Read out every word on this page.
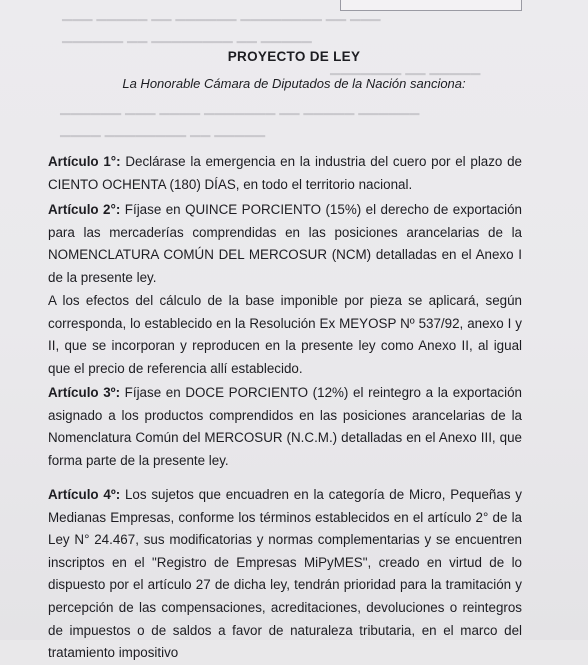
▁▁▁ ▁▁▁▁▁ ▁▁ ▁▁▁▁▁▁ ▁▁▁▁▁▁▁▁ ▁▁ ▁▁▁
▁▁▁▁▁▁ ▁▁ ▁▁▁▁▁▁▁▁ ▁▁ ▁▁▁▁▁
▁▁▁▁▁▁▁ ▁▁ ▁▁▁▁▁
▁▁▁▁▁▁ ▁▁▁ ▁▁▁▁ ▁▁▁▁▁▁▁ ▁▁ ▁▁▁▁▁ ▁▁▁▁▁▁
▁▁▁▁ ▁▁▁▁▁▁▁▁ ▁▁ ▁▁▁▁▁
PROYECTO DE LEY
La Honorable Cámara de Diputados de la Nación sanciona:
Artículo 1°: Declárase la emergencia en la industria del cuero por el plazo de CIENTO OCHENTA (180) DÍAS, en todo el territorio nacional.
Artículo 2°: Fíjase en QUINCE PORCIENTO (15%) el derecho de exportación para las mercaderías comprendidas en las posiciones arancelarias de la NOMENCLATURA COMÚN DEL MERCOSUR (NCM) detalladas en el Anexo I de la presente ley.
A los efectos del cálculo de la base imponible por pieza se aplicará, según corresponda, lo establecido en la Resolución Ex MEYOSP Nº 537/92, anexo I y II, que se incorporan y reproducen en la presente ley como Anexo II, al igual que el precio de referencia allí establecido.
Artículo 3º: Fíjase en DOCE PORCIENTO (12%) el reintegro a la exportación asignado a los productos comprendidos en las posiciones arancelarias de la Nomenclatura Común del MERCOSUR (N.C.M.) detalladas en el Anexo III, que forma parte de la presente ley.
Artículo 4º: Los sujetos que encuadren en la categoría de Micro, Pequeñas y Medianas Empresas, conforme los términos establecidos en el artículo 2° de la Ley N° 24.467, sus modificatorias y normas complementarias y se encuentren inscriptos en el "Registro de Empresas MiPyMES", creado en virtud de lo dispuesto por el artículo 27 de dicha ley, tendrán prioridad para la tramitación y percepción de las compensaciones, acreditaciones, devoluciones o reintegros de impuestos o de saldos a favor de naturaleza tributaria, en el marco del tratamiento impositivo
